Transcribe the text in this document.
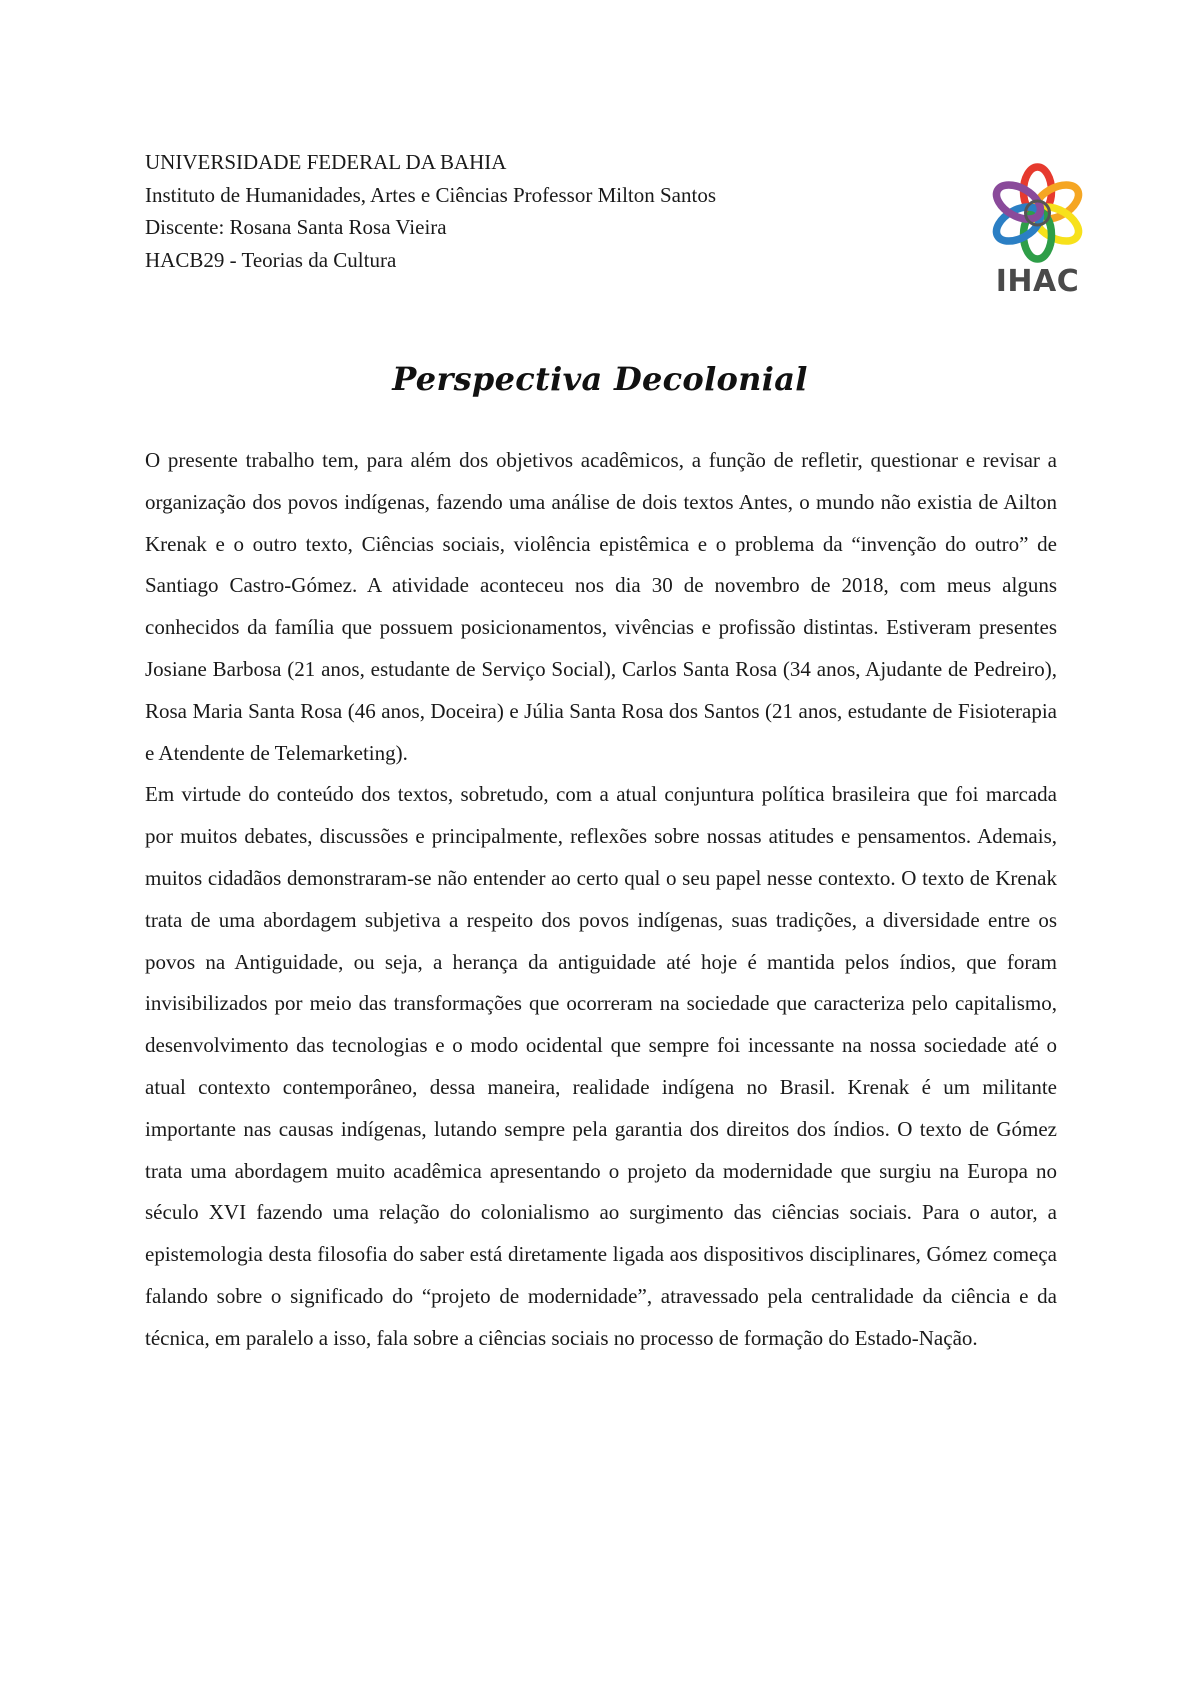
UNIVERSIDADE FEDERAL DA BAHIA

Instituto de Humanidades, Artes e Ciências Professor Milton Santos

Discente: Rosana Santa Rosa Vieira

HACB29 - Teorias da Cultura

IHAC
Perspectiva Decolonial

O presente trabalho tem, para além dos objetivos acadêmicos, a função de refletir, questionar e revisar a organização dos povos indígenas, fazendo uma análise de dois textos Antes, o mundo não existia de Ailton Krenak e o outro texto, Ciências sociais, violência epistêmica e o problema da “invenção do outro” de Santiago Castro-Gómez. A atividade aconteceu nos dia 30 de novembro de 2018, com meus alguns conhecidos da família que possuem posicionamentos, vivências e profissão distintas. Estiveram presentes Josiane Barbosa (21 anos, estudante de Serviço Social), Carlos Santa Rosa (34 anos, Ajudante de Pedreiro), Rosa Maria Santa Rosa (46 anos, Doceira) e Júlia Santa Rosa dos Santos (21 anos, estudante de Fisioterapia e Atendente de Telemarketing).

Em virtude do conteúdo dos textos, sobretudo, com a atual conjuntura política brasileira que foi marcada por muitos debates, discussões e principalmente, reflexões sobre nossas atitudes e pensamentos. Ademais, muitos cidadãos demonstraram-se não entender ao certo qual o seu papel nesse contexto. O texto de Krenak trata de uma abordagem subjetiva a respeito dos povos indígenas, suas tradições, a diversidade entre os povos na Antiguidade, ou seja, a herança da antiguidade até hoje é mantida pelos índios, que foram invisibilizados por meio das transformações que ocorreram na sociedade que caracteriza pelo capitalismo, desenvolvimento das tecnologias e o modo ocidental que sempre foi incessante na nossa sociedade até o atual contexto contemporâneo, dessa maneira, realidade indígena no Brasil. Krenak é um militante importante nas causas indígenas, lutando sempre pela garantia dos direitos dos índios. O texto de Gómez trata uma abordagem muito acadêmica apresentando o projeto da modernidade que surgiu na Europa no século XVI fazendo uma relação do colonialismo ao surgimento das ciências sociais. Para o autor, a epistemologia desta filosofia do saber está diretamente ligada aos dispositivos disciplinares, Gómez começa falando sobre o significado do “projeto de modernidade”, atravessado pela centralidade da ciência e da técnica, em paralelo a isso, fala sobre a ciências sociais no processo de formação do Estado-Nação.
